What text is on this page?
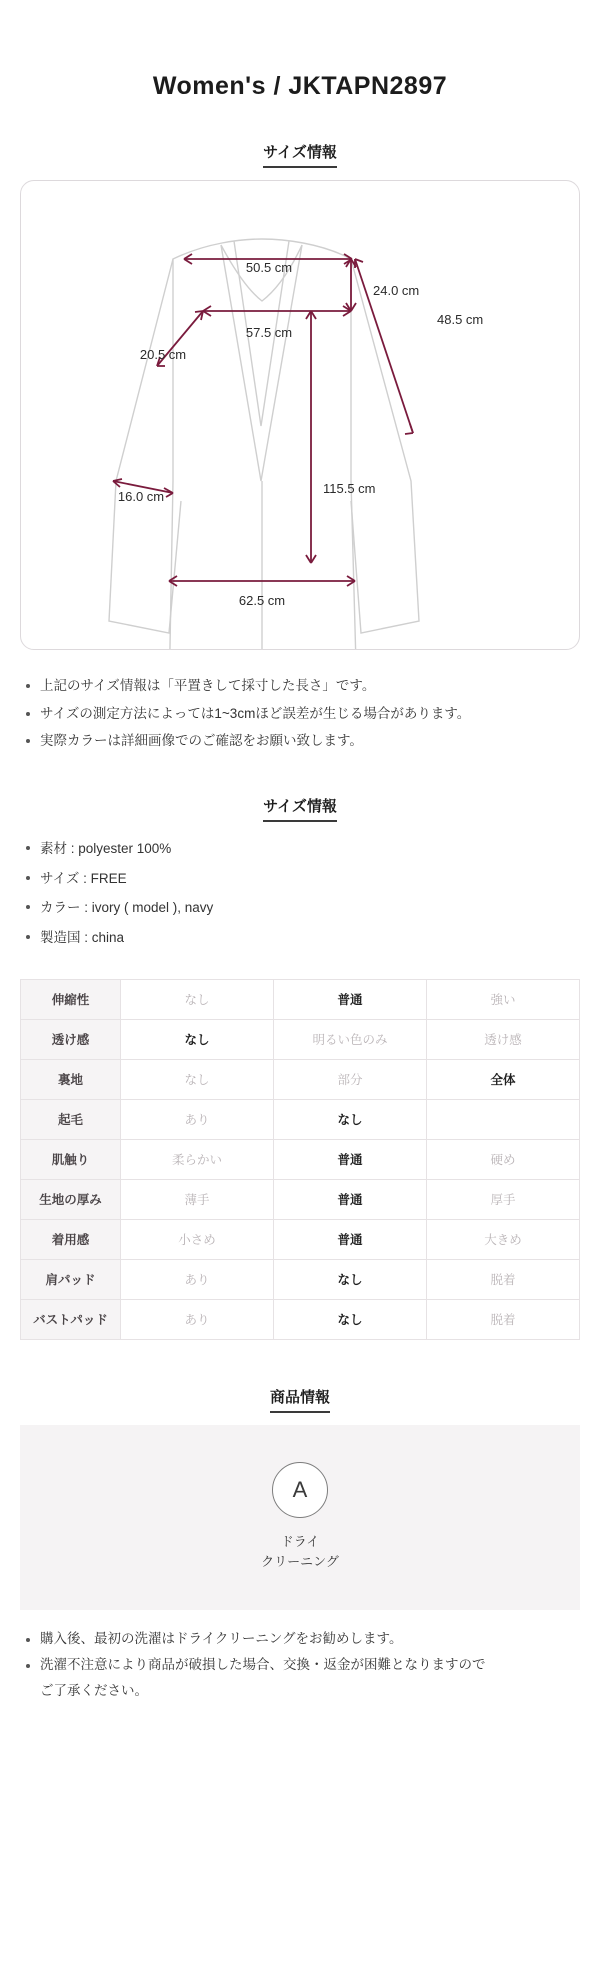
Women's / JKTAPN2897
サイズ情報
50.5 cm
24.0 cm
48.5 cm
57.5 cm
20.5 cm
16.0 cm
115.5 cm
62.5 cm
上記のサイズ情報は「平置きして採寸した長さ」です。
サイズの測定方法によっては1~3cmほど誤差が生じる場合があります。
実際カラーは詳細画像でのご確認をお願い致します。
サイズ情報
素材 : polyester 100%
サイズ : FREE
カラー : ivory ( model ), navy
製造国 : china
伸縮性	なし	普通	強い
透け感	なし	明るい色のみ	透け感
裏地	なし	部分	全体
起毛	あり	なし	
肌触り	柔らかい	普通	硬め
生地の厚み	薄手	普通	厚手
着用感	小さめ	普通	大きめ
肩パッド	あり	なし	脱着
バストパッド	あり	なし	脱着
商品情報
A
ドライ
クリーニング
購入後、最初の洗濯はドライクリーニングをお勧めします。
洗濯不注意により商品が破損した場合、交換・返金が困難となりますので
ご了承ください。
